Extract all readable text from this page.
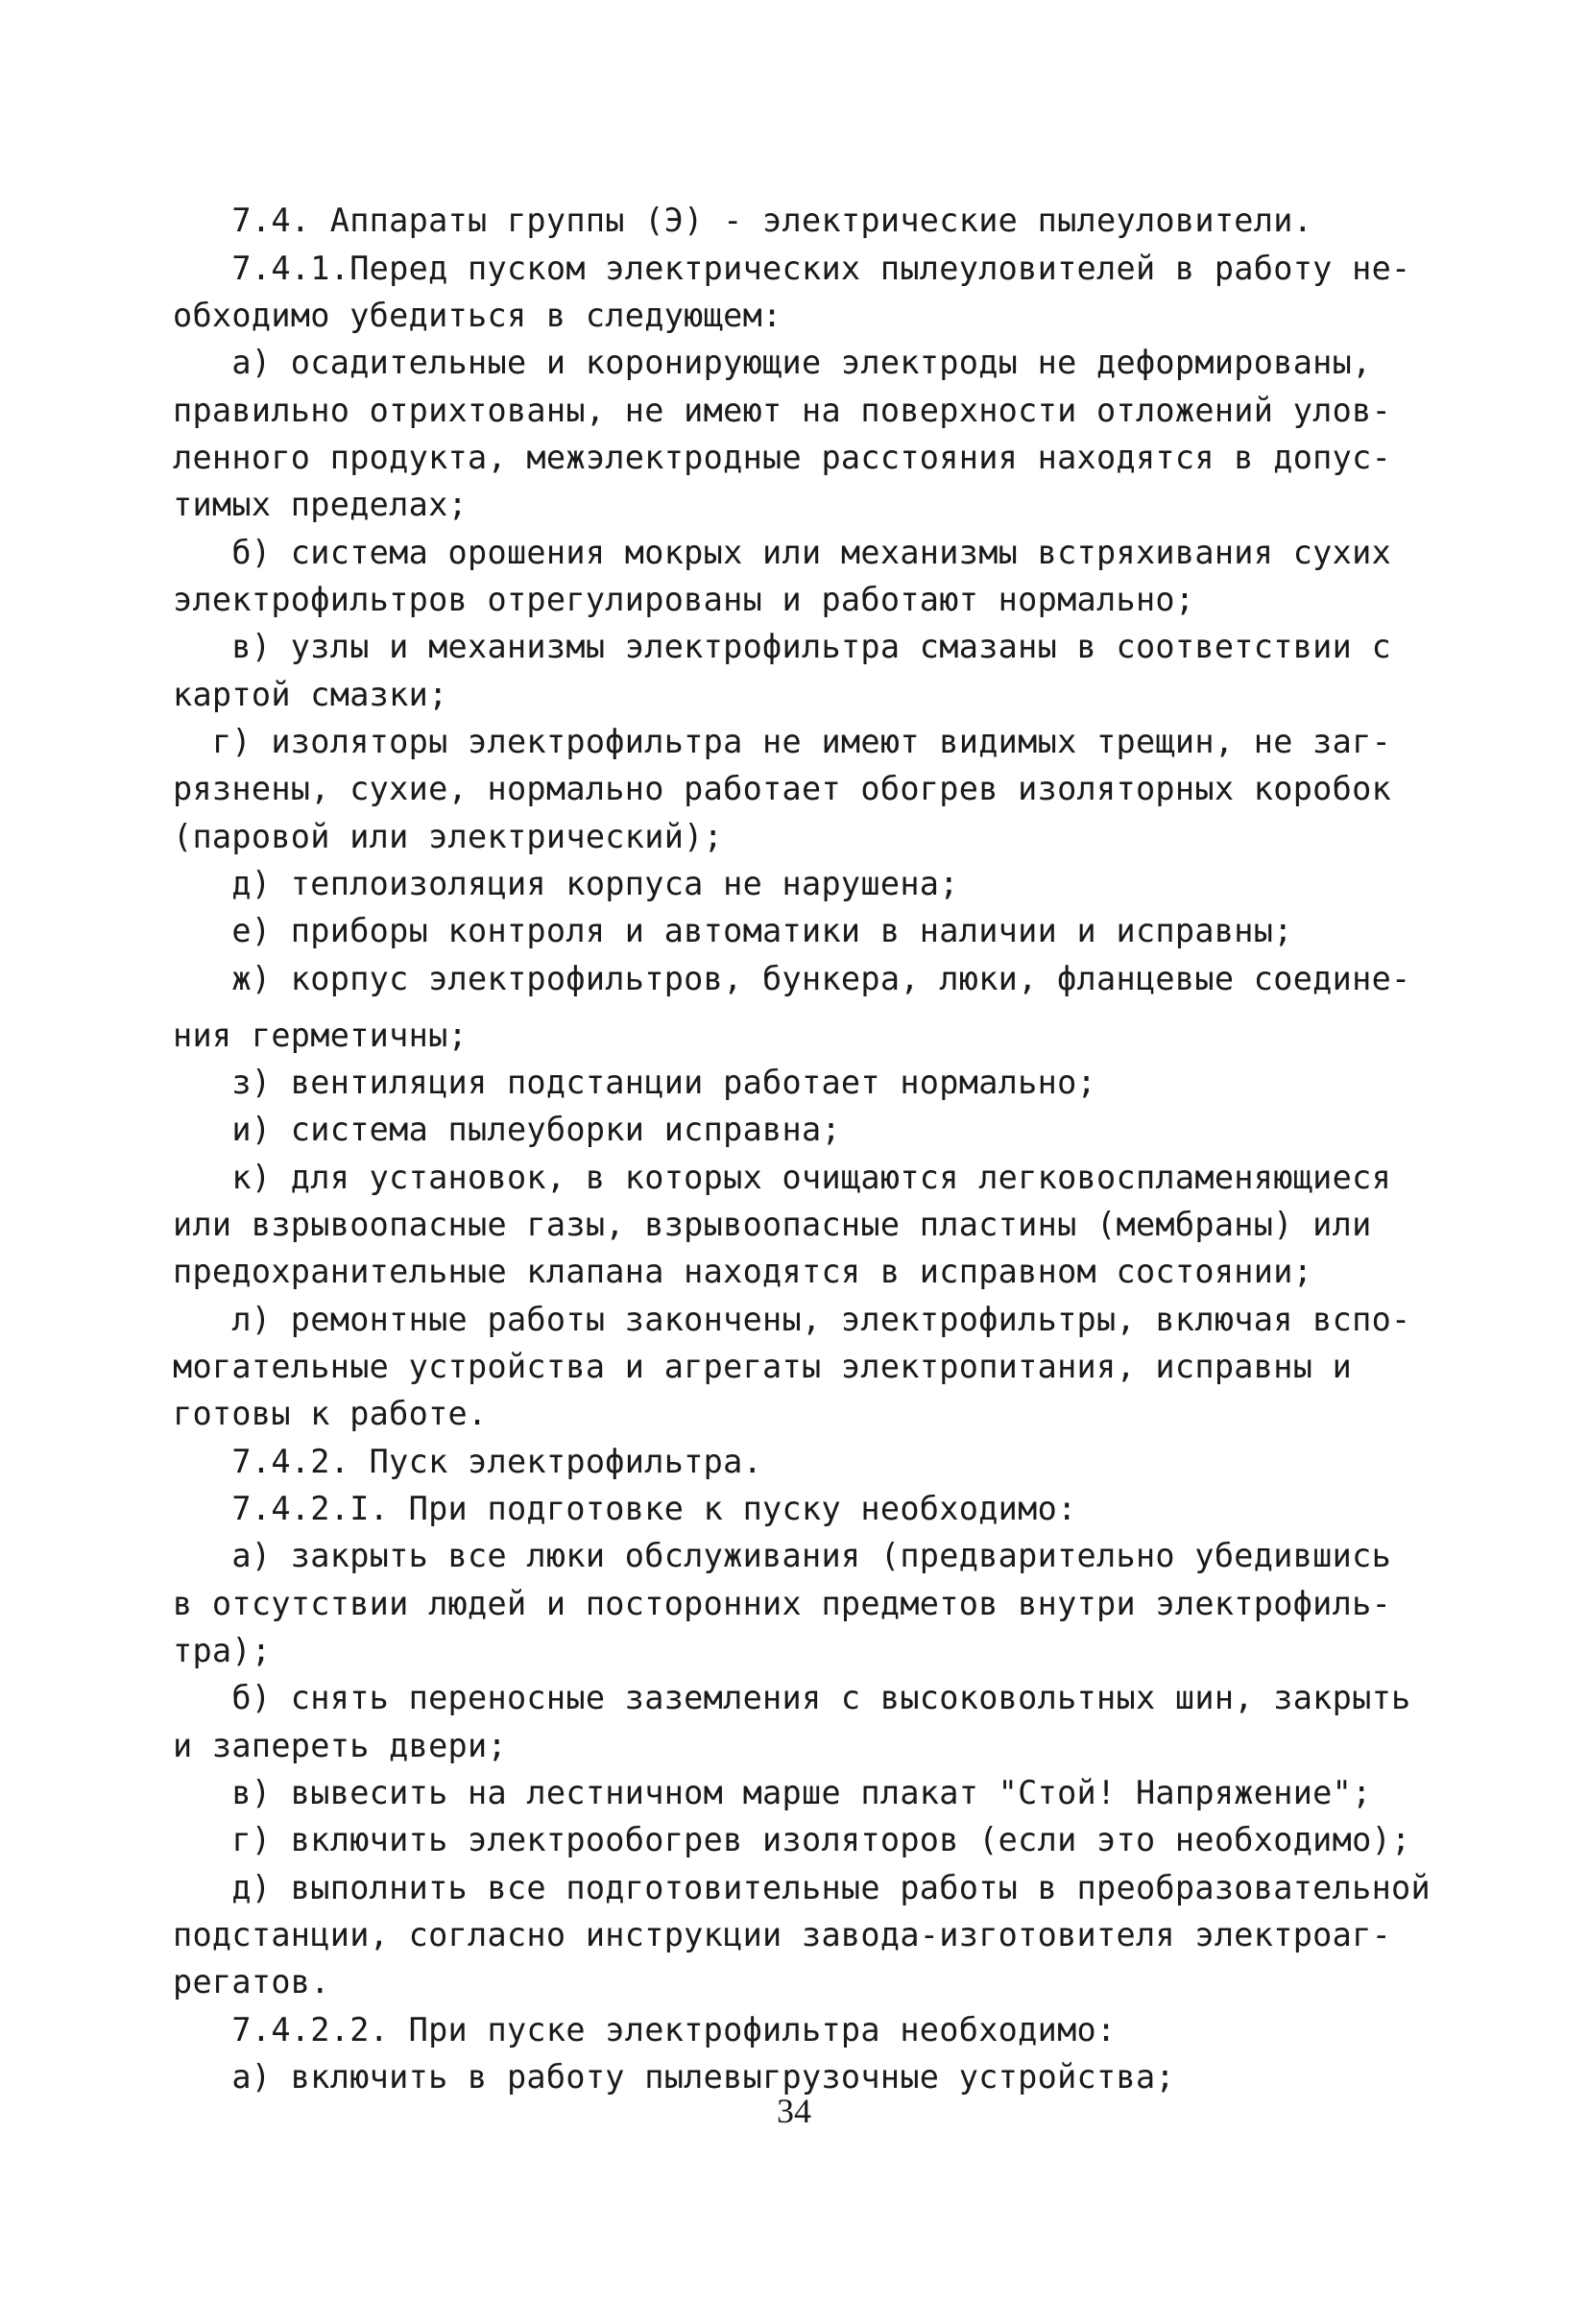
7.4. Аппараты группы (Э) - электрические пылеуловители.
7.4.1.Перед пуском электрических пылеуловителей в работу не-
обходимо убедиться в следующем:
а) осадительные и коронирующие электроды не деформированы,
правильно отрихтованы, не имеют на поверхности отложений улов-
ленного продукта, межэлектродные расстояния находятся в допус-
тимых пределах;
б) система орошения мокрых или механизмы встряхивания сухих
электрофильтров отрегулированы и работают нормально;
в) узлы и механизмы электрофильтра смазаны в соответствии с
картой смазки;
г) изоляторы электрофильтра не имеют видимых трещин, не заг-
рязнены, сухие, нормально работает обогрев изоляторных коробок
(паровой или электрический);
д) теплоизоляция корпуса не нарушена;
е) приборы контроля и автоматики в наличии и исправны;
ж) корпус электрофильтров, бункера, люки, фланцевые соедине-
ния герметичны;
з) вентиляция подстанции работает нормально;
и) система пылеуборки исправна;
к) для установок, в которых очищаются легковоспламеняющиеся
или взрывоопасные газы, взрывоопасные пластины (мембраны) или
предохранительные клапана находятся в исправном состоянии;
л) ремонтные работы закончены, электрофильтры, включая вспо-
могательные устройства и агрегаты электропитания, исправны и
готовы к работе.
7.4.2. Пуск электрофильтра.
7.4.2.I. При подготовке к пуску необходимо:
а) закрыть все люки обслуживания (предварительно убедившись
в отсутствии людей и посторонних предметов внутри электрофиль-
тра);
б) снять переносные заземления с высоковольтных шин, закрыть
и запереть двери;
в) вывесить на лестничном марше плакат "Стой! Напряжение";
г) включить электрообогрев изоляторов (если это необходимо);
д) выполнить все подготовительные работы в преобразовательной
подстанции, согласно инструкции завода-изготовителя электроаг-
регатов.
7.4.2.2. При пуске электрофильтра необходимо:
а) включить в работу пылевыгрузочные устройства;
34
